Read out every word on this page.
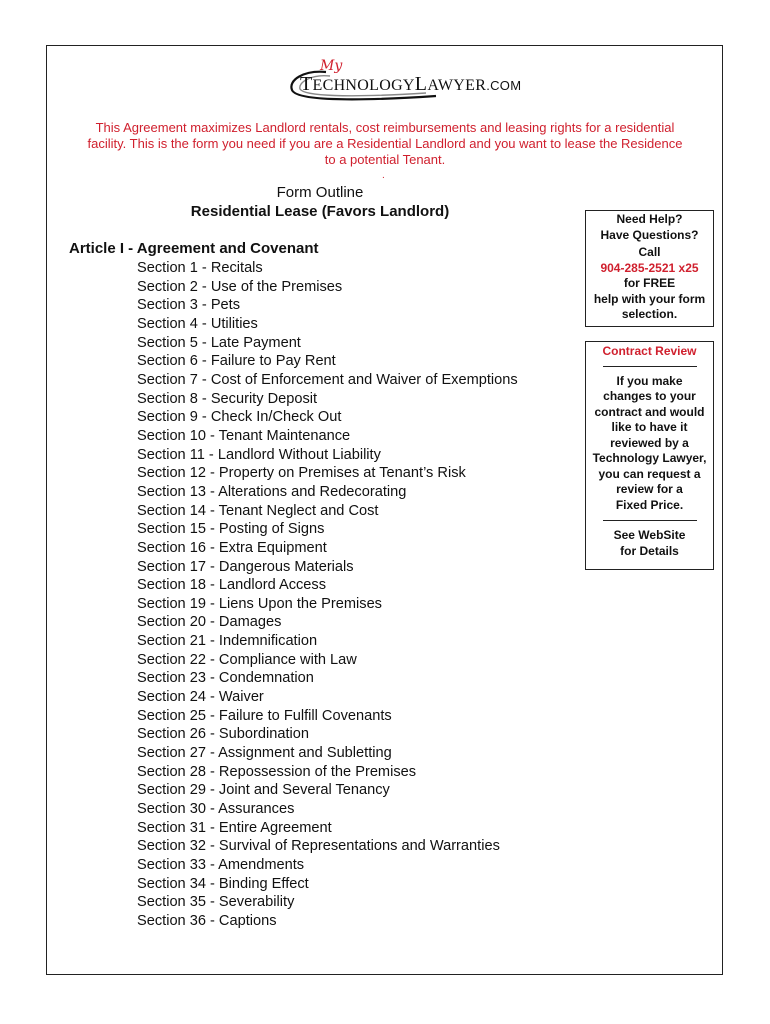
My
TECHNOLOGYLAWYER.COM
This Agreement maximizes Landlord rentals, cost reimbursements and leasing rights for a residential facility. This is the form you need if you are a Residential Landlord and you want to lease the Residence to a potential Tenant.
.
Form Outline
Residential Lease (Favors Landlord)
Article I - Agreement and Covenant
Section 1 - Recitals
Section 2 - Use of the Premises
Section 3 - Pets
Section 4 - Utilities
Section 5 - Late Payment
Section 6 - Failure to Pay Rent
Section 7 - Cost of Enforcement and Waiver of Exemptions
Section 8 - Security Deposit
Section 9 - Check In/Check Out
Section 10 - Tenant Maintenance
Section 11 - Landlord Without Liability
Section 12 - Property on Premises at Tenant’s Risk
Section 13 - Alterations and Redecorating
Section 14 - Tenant Neglect and Cost
Section 15 - Posting of Signs
Section 16 - Extra Equipment
Section 17 - Dangerous Materials
Section 18 - Landlord Access
Section 19 - Liens Upon the Premises
Section 20 - Damages
Section 21 - Indemnification
Section 22 - Compliance with Law
Section 23 - Condemnation
Section 24 - Waiver
Section 25 - Failure to Fulfill Covenants
Section 26 - Subordination
Section 27 - Assignment and Subletting
Section 28 - Repossession of the Premises
Section 29 - Joint and Several Tenancy
Section 30 - Assurances
Section 31 - Entire Agreement
Section 32 - Survival of Representations and Warranties
Section 33 - Amendments
Section 34 - Binding Effect
Section 35 - Severability
Section 36 - Captions
Need Help?
Have Questions?
Call
904-285-2521 x25
for FREE
help with your form
selection.
Contract Review
If you make
changes to your
contract and would
like to have it
reviewed by a
Technology Lawyer,
you can request a
review for a
Fixed Price.
See WebSite
for Details
